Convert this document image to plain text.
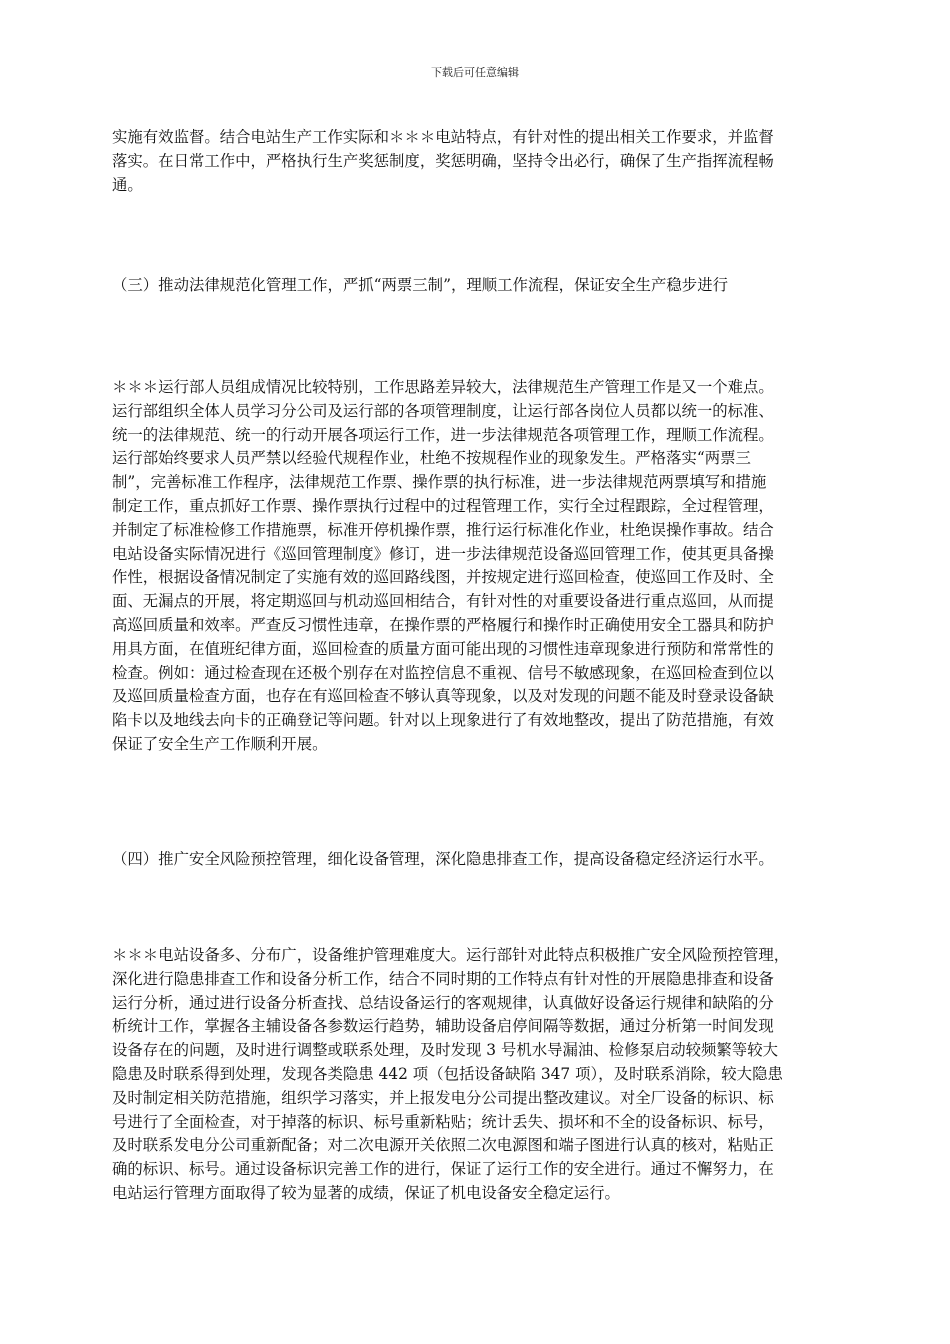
下载后可任意编辑
实施有效监督。结合电站生产工作实际和＊＊＊电站特点，有针对性的提出相关工作要求，并监督
落实。在日常工作中，严格执行生产奖惩制度，奖惩明确，坚持令出必行，确保了生产指挥流程畅
通。
（三）推动法律规范化管理工作，严抓“两票三制”，理顺工作流程，保证安全生产稳步进行
＊＊＊运行部人员组成情况比较特别，工作思路差异较大，法律规范生产管理工作是又一个难点。
运行部组织全体人员学习分公司及运行部的各项管理制度，让运行部各岗位人员都以统一的标准、
统一的法律规范、统一的行动开展各项运行工作，进一步法律规范各项管理工作，理顺工作流程。
运行部始终要求人员严禁以经验代规程作业，杜绝不按规程作业的现象发生。严格落实“两票三
制”，完善标准工作程序，法律规范工作票、操作票的执行标准，进一步法律规范两票填写和措施
制定工作，重点抓好工作票、操作票执行过程中的过程管理工作，实行全过程跟踪，全过程管理，
并制定了标准检修工作措施票，标准开停机操作票，推行运行标准化作业，杜绝误操作事故。结合
电站设备实际情况进行《巡回管理制度》修订，进一步法律规范设备巡回管理工作，使其更具备操
作性，根据设备情况制定了实施有效的巡回路线图，并按规定进行巡回检查，使巡回工作及时、全
面、无漏点的开展，将定期巡回与机动巡回相结合，有针对性的对重要设备进行重点巡回，从而提
高巡回质量和效率。严查反习惯性违章，在操作票的严格履行和操作时正确使用安全工器具和防护
用具方面，在值班纪律方面，巡回检查的质量方面可能出现的习惯性违章现象进行预防和常常性的
检查。例如：通过检查现在还极个别存在对监控信息不重视、信号不敏感现象，在巡回检查到位以
及巡回质量检查方面，也存在有巡回检查不够认真等现象，以及对发现的问题不能及时登录设备缺
陷卡以及地线去向卡的正确登记等问题。针对以上现象进行了有效地整改，提出了防范措施，有效
保证了安全生产工作顺利开展。
（四）推广安全风险预控管理，细化设备管理，深化隐患排查工作，提高设备稳定经济运行水平。
＊＊＊电站设备多、分布广，设备维护管理难度大。运行部针对此特点积极推广安全风险预控管理，
深化进行隐患排查工作和设备分析工作，结合不同时期的工作特点有针对性的开展隐患排查和设备
运行分析，通过进行设备分析查找、总结设备运行的客观规律，认真做好设备运行规律和缺陷的分
析统计工作，掌握各主辅设备各参数运行趋势，辅助设备启停间隔等数据，通过分析第一时间发现
设备存在的问题，及时进行调整或联系处理，及时发现 3 号机水导漏油、检修泵启动较频繁等较大
隐患及时联系得到处理，发现各类隐患 442 项（包括设备缺陷 347 项），及时联系消除，较大隐患
及时制定相关防范措施，组织学习落实，并上报发电分公司提出整改建议。对全厂设备的标识、标
号进行了全面检查，对于掉落的标识、标号重新粘贴；统计丢失、损坏和不全的设备标识、标号，
及时联系发电分公司重新配备；对二次电源开关依照二次电源图和端子图进行认真的核对，粘贴正
确的标识、标号。通过设备标识完善工作的进行，保证了运行工作的安全进行。通过不懈努力，在
电站运行管理方面取得了较为显著的成绩，保证了机电设备安全稳定运行。
